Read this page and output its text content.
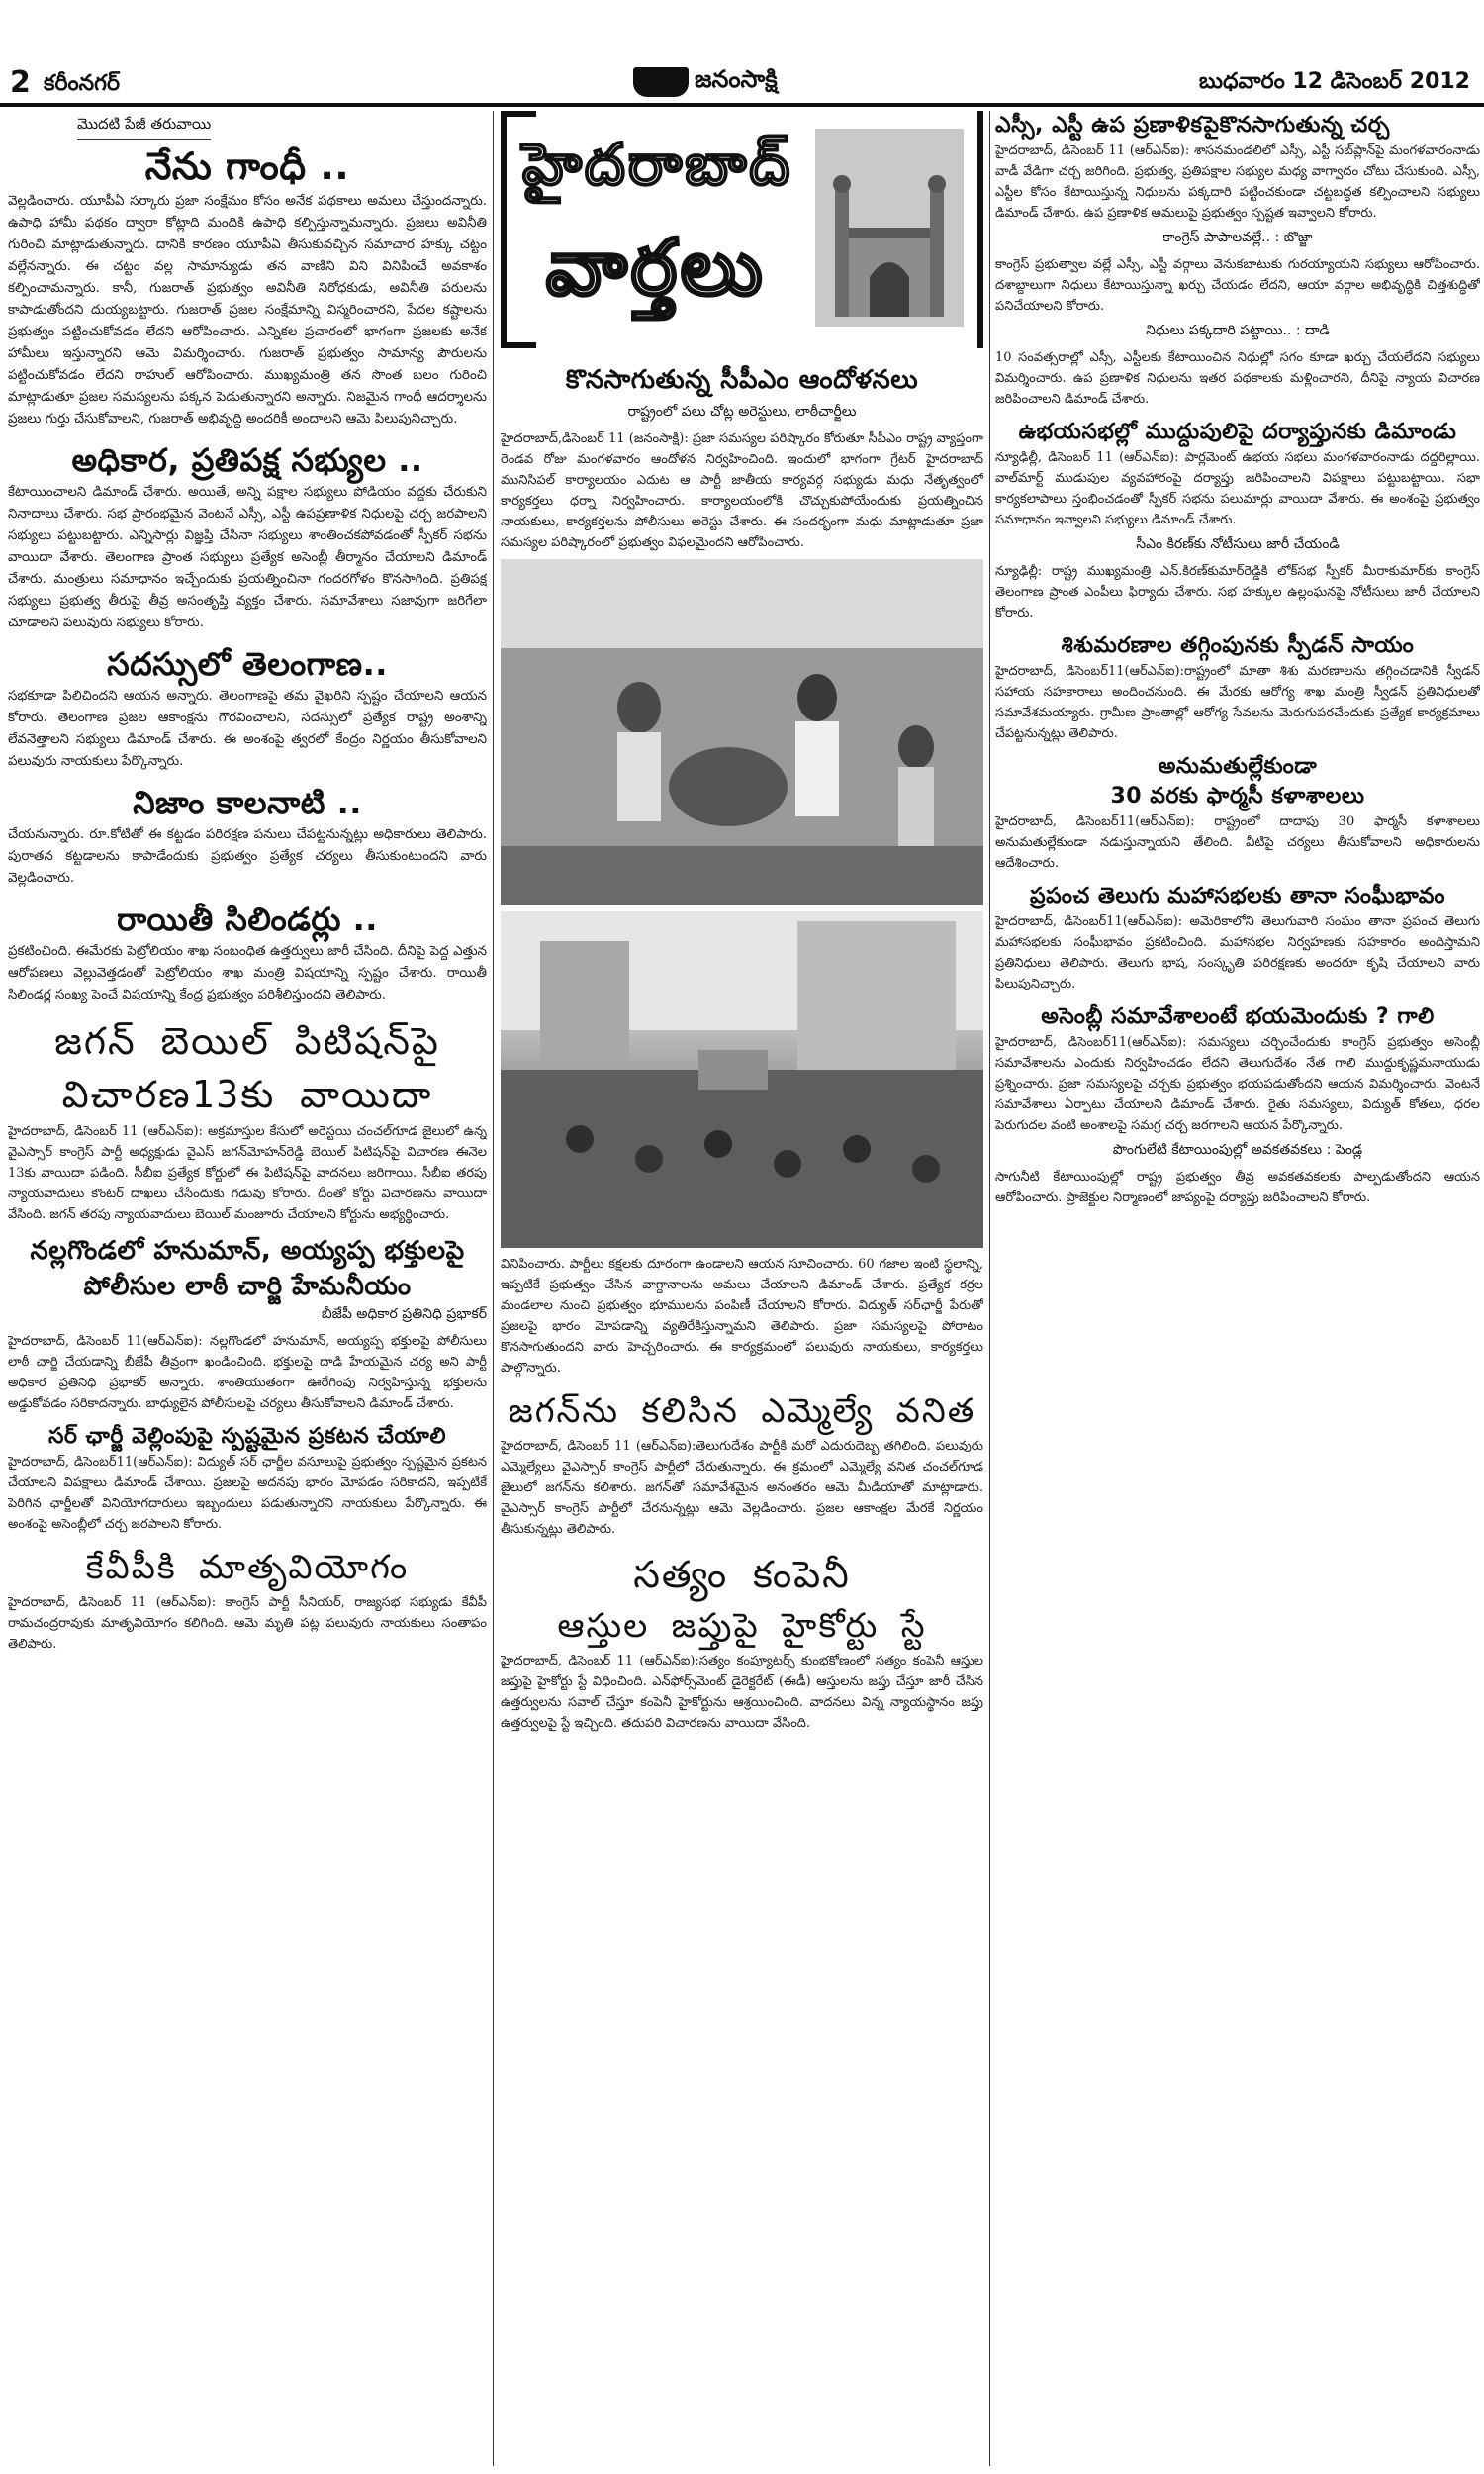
2 కరీంనగర్	జనంసాక్షి	బుధవారం 12 డిసెంబర్ 2012
మొదటి పేజీ తరువాయి
నేను గాంధీ ..

వెల్లడించారు. యూపీఏ సర్కారు ప్రజా సంక్షేమం కోసం అనేక పథకాలు అమలు చేస్తుందన్నారు. ఉపాధి హామీ పథకం ద్వారా కోట్లాది మందికి ఉపాధి కల్పిస్తున్నామన్నారు. ప్రజలు అవినీతి గురించి మాట్లాడుతున్నారు. దానికి కారణం యూపీఏ తీసుకువచ్చిన సమాచార హక్కు చట్టం వల్లేనన్నారు. ఈ చట్టం వల్ల సామాన్యుడు తన వాణిని విని వినిపించే అవకాశం కల్పించామన్నారు. కానీ, గుజరాత్ ప్రభుత్వం అవినీతి నిరోధకుడు, అవినీతి పరులను కాపాడుతోందని దుయ్యబట్టారు. గుజరాత్ ప్రజల సంక్షేమాన్ని విస్మరించారని, పేదల కష్టాలను ప్రభుత్వం పట్టించుకోవడం లేదని ఆరోపించారు. ఎన్నికల ప్రచారంలో భాగంగా ప్రజలకు అనేక హామీలు ఇస్తున్నారని ఆమె విమర్శించారు. గుజరాత్ ప్రభుత్వం సామాన్య పౌరులను పట్టించుకోవడం లేదని రాహుల్ ఆరోపించారు. ముఖ్యమంత్రి తన సొంత బలం గురించి మాట్లాడుతూ ప్రజల సమస్యలను పక్కన పెడుతున్నారని అన్నారు. నిజమైన గాంధీ ఆదర్శాలను ప్రజలు గుర్తు చేసుకోవాలని, గుజరాత్ అభివృద్ధి అందరికీ అందాలని ఆమె పిలుపునిచ్చారు.

అధికార, ప్రతిపక్ష సభ్యుల ..

కేటాయించాలని డిమాండ్ చేశారు. అయితే, అన్ని పక్షాల సభ్యులు పోడియం వద్దకు చేరుకుని నినాదాలు చేశారు. సభ ప్రారంభమైన వెంటనే ఎస్సీ, ఎస్టీ ఉపప్రణాళిక నిధులపై చర్చ జరపాలని సభ్యులు పట్టుబట్టారు. ఎన్నిసార్లు విజ్ఞప్తి చేసినా సభ్యులు శాంతించకపోవడంతో స్పీకర్ సభను వాయిదా వేశారు. తెలంగాణ ప్రాంత సభ్యులు ప్రత్యేక అసెంబ్లీ తీర్మానం చేయాలని డిమాండ్ చేశారు. మంత్రులు సమాధానం ఇచ్చేందుకు ప్రయత్నించినా గందరగోళం కొనసాగింది. ప్రతిపక్ష సభ్యులు ప్రభుత్వ తీరుపై తీవ్ర అసంతృప్తి వ్యక్తం చేశారు. సమావేశాలు సజావుగా జరిగేలా చూడాలని పలువురు సభ్యులు కోరారు.

సదస్సులో తెలంగాణ..

సభకూడా పిలిచిందని ఆయన అన్నారు. తెలంగాణపై తమ వైఖరిని స్పష్టం చేయాలని ఆయన కోరారు. తెలంగాణ ప్రజల ఆకాంక్షను గౌరవించాలని, సదస్సులో ప్రత్యేక రాష్ట్ర అంశాన్ని లేవనెత్తాలని సభ్యులు డిమాండ్ చేశారు. ఈ అంశంపై త్వరలో కేంద్రం నిర్ణయం తీసుకోవాలని పలువురు నాయకులు పేర్కొన్నారు.

నిజాం కాలనాటి ..

చేయనున్నారు. రూ.కోటితో ఈ కట్టడం పరిరక్షణ పనులు చేపట్టనున్నట్లు అధికారులు తెలిపారు. పురాతన కట్టడాలను కాపాడేందుకు ప్రభుత్వం ప్రత్యేక చర్యలు తీసుకుంటుందని వారు వెల్లడించారు.

రాయితీ సిలిండర్లు ..

ప్రకటించింది. ఈమేరకు పెట్రోలియం శాఖ సంబంధిత ఉత్తర్వులు జారీ చేసింది. దీనిపై పెద్ద ఎత్తున ఆరోపణలు వెల్లువెత్తడంతో పెట్రోలియం శాఖ మంత్రి విషయాన్ని స్పష్టం చేశారు. రాయితీ సిలిండర్ల సంఖ్య పెంచే విషయాన్ని కేంద్ర ప్రభుత్వం పరిశీలిస్తుందని తెలిపారు.

జగన్ బెయిల్ పిటిషన్‌పై
విచారణ13కు వాయిదా

హైదరాబాద్, డిసెంబర్ 11 (ఆర్‌ఎన్‌ఐ): అక్రమాస్తుల కేసులో అరెస్టయి చంచల్‌గూడ జైలులో ఉన్న వైఎస్సార్ కాంగ్రెస్ పార్టీ అధ్యక్షుడు వైఎస్ జగన్‌మోహన్‌రెడ్డి బెయిల్ పిటిషన్‌పై విచారణ ఈనెల 13కు వాయిదా పడింది. సీబీఐ ప్రత్యేక కోర్టులో ఈ పిటిషన్‌పై వాదనలు జరిగాయి. సీబీఐ తరపు న్యాయవాదులు కౌంటర్ దాఖలు చేసేందుకు గడువు కోరారు. దీంతో కోర్టు విచారణను వాయిదా వేసింది. జగన్ తరపు న్యాయవాదులు బెయిల్ మంజూరు చేయాలని కోర్టును అభ్యర్థించారు.

నల్లగొండలో హనుమాన్, అయ్యప్ప భక్తులపై
పోలీసుల లాఠీ చార్జి హేమనీయం
బీజేపీ అధికార ప్రతినిధి ప్రభాకర్

హైదరాబాద్, డిసెంబర్ 11(ఆర్‌ఎన్‌ఐ): నల్లగొండలో హనుమాన్, అయ్యప్ప భక్తులపై పోలీసులు లాఠీ చార్జి చేయడాన్ని బీజేపీ తీవ్రంగా ఖండించింది. భక్తులపై దాడి హేయమైన చర్య అని పార్టీ అధికార ప్రతినిధి ప్రభాకర్ అన్నారు. శాంతియుతంగా ఊరేగింపు నిర్వహిస్తున్న భక్తులను అడ్డుకోవడం సరికాదన్నారు. బాధ్యులైన పోలీసులపై చర్యలు తీసుకోవాలని డిమాండ్ చేశారు.

సర్ ఛార్జీ వెల్లింపుపై స్పష్టమైన ప్రకటన చేయాలి

హైదరాబాద్, డిసెంబర్11(ఆర్‌ఎన్‌ఐ): విద్యుత్ సర్ ఛార్జీల వసూలుపై ప్రభుత్వం స్పష్టమైన ప్రకటన చేయాలని విపక్షాలు డిమాండ్ చేశాయి. ప్రజలపై అదనపు భారం మోపడం సరికాదని, ఇప్పటికే పెరిగిన ఛార్జీలతో వినియోగదారులు ఇబ్బందులు పడుతున్నారని నాయకులు పేర్కొన్నారు. ఈ అంశంపై అసెంబ్లీలో చర్చ జరపాలని కోరారు.

కేవీపీకి మాతృవియోగం

హైదరాబాద్, డిసెంబర్ 11 (ఆర్‌ఎన్‌ఐ): కాంగ్రెస్ పార్టీ సీనియర్, రాజ్యసభ సభ్యుడు కేవీపీ రామచంద్రరావుకు మాతృవియోగం కలిగింది. ఆమె మృతి పట్ల పలువురు నాయకులు సంతాపం తెలిపారు.

హైదరాబాద్
వార్తలు
కొనసాగుతున్న సీపీఎం ఆందోళనలు
రాష్ట్రంలో పలు చోట్ల అరెస్టులు, లాఠీచార్జీలు

హైదరాబాద్,డిసెంబర్ 11 (జనంసాక్షి): ప్రజా సమస్యల పరిష్కారం కోరుతూ సీపీఎం రాష్ట్ర వ్యాప్తంగా రెండవ రోజు మంగళవారం ఆందోళన నిర్వహించింది. ఇందులో భాగంగా గ్రేటర్ హైదరాబాద్ మునిసిపల్ కార్యాలయం ఎదుట ఆ పార్టీ జాతీయ కార్యవర్గ సభ్యుడు మధు నేతృత్వంలో కార్యకర్తలు ధర్నా నిర్వహించారు. కార్యాలయంలోకి చొచ్చుకుపోయేందుకు ప్రయత్నించిన నాయకులు, కార్యకర్తలను పోలీసులు అరెస్టు చేశారు. ఈ సందర్భంగా మధు మాట్లాడుతూ ప్రజా సమస్యల పరిష్కారంలో ప్రభుత్వం విఫలమైందని ఆరోపించారు.

వినిపించారు. పార్టీలు కక్షలకు దూరంగా ఉండాలని ఆయన సూచించారు. 60 గజాల ఇంటి స్థలాన్ని, ఇప్పటికే ప్రభుత్వం చేసిన వాగ్దానాలను అమలు చేయాలని డిమాండ్ చేశారు. ప్రత్యేక కర్రల మండలాల నుంచి ప్రభుత్వం భూములను పంపిణీ చేయాలని కోరారు. విద్యుత్ సర్‌ఛార్జీ పేరుతో ప్రజలపై భారం మోపడాన్ని వ్యతిరేకిస్తున్నామని తెలిపారు. ప్రజా సమస్యలపై పోరాటం కొనసాగుతుందని వారు హెచ్చరించారు. ఈ కార్యక్రమంలో పలువురు నాయకులు, కార్యకర్తలు పాల్గొన్నారు.

జగన్‌ను కలిసిన ఎమ్మెల్యే వనిత

హైదరాబాద్, డిసెంబర్ 11 (ఆర్‌ఎన్‌ఐ):తెలుగుదేశం పార్టీకి మరో ఎదురుదెబ్బ తగిలింది. పలువురు ఎమ్మెల్యేలు వైఎస్సార్ కాంగ్రెస్ పార్టీలో చేరుతున్నారు. ఈ క్రమంలో ఎమ్మెల్యే వనిత చంచల్‌గూడ జైలులో జగన్‌ను కలిశారు. జగన్‌తో సమావేశమైన అనంతరం ఆమె మీడియాతో మాట్లాడారు. వైఎస్సార్ కాంగ్రెస్ పార్టీలో చేరనున్నట్లు ఆమె వెల్లడించారు. ప్రజల ఆకాంక్షల మేరకే నిర్ణయం తీసుకున్నట్లు తెలిపారు.

సత్యం కంపెనీ
ఆస్తుల జప్తుపై హైకోర్టు స్టే

హైదరాబాద్, డిసెంబర్ 11 (ఆర్‌ఎన్‌ఐ):సత్యం కంప్యూటర్స్ కుంభకోణంలో సత్యం కంపెనీ ఆస్తుల జప్తుపై హైకోర్టు స్టే విధించింది. ఎన్‌ఫోర్స్‌మెంట్ డైరెక్టరేట్ (ఈడీ) ఆస్తులను జప్తు చేస్తూ జారీ చేసిన ఉత్తర్వులను సవాల్ చేస్తూ కంపెనీ హైకోర్టును ఆశ్రయించింది. వాదనలు విన్న న్యాయస్థానం జప్తు ఉత్తర్వులపై స్టే ఇచ్చింది. తదుపరి విచారణను వాయిదా వేసింది.

ఎస్సీ, ఎస్టీ ఉప ప్రణాళికపైకొనసాగుతున్న చర్చ

హైదరాబాద్, డిసెంబర్ 11 (ఆర్‌ఎన్‌ఐ): శాసనమండలిలో ఎస్సీ, ఎస్టీ సబ్‌ప్లాన్‌పై మంగళవారంనాడు వాడీ వేడిగా చర్చ జరిగింది. ప్రభుత్వ, ప్రతిపక్షాల సభ్యుల మధ్య వాగ్వాదం చోటు చేసుకుంది. ఎస్సీ, ఎస్టీల కోసం కేటాయిస్తున్న నిధులను పక్కదారి పట్టించకుండా చట్టబద్ధత కల్పించాలని సభ్యులు డిమాండ్ చేశారు. ఉప ప్రణాళిక అమలుపై ప్రభుత్వం స్పష్టత ఇవ్వాలని కోరారు.

కాంగ్రెస్ పాపాలవల్లే.. : బొజ్జా

కాంగ్రెస్ ప్రభుత్వాల వల్లే ఎస్సీ, ఎస్టీ వర్గాలు వెనుకబాటుకు గురయ్యాయని సభ్యులు ఆరోపించారు. దశాబ్దాలుగా నిధులు కేటాయిస్తున్నా ఖర్చు చేయడం లేదని, ఆయా వర్గాల అభివృద్ధికి చిత్తశుద్ధితో పనిచేయాలని కోరారు.

నిధులు పక్కదారి పట్టాయి.. : దాడి

10 సంవత్సరాల్లో ఎస్సీ, ఎస్టీలకు కేటాయించిన నిధుల్లో సగం కూడా ఖర్చు చేయలేదని సభ్యులు విమర్శించారు. ఉప ప్రణాళిక నిధులను ఇతర పథకాలకు మళ్లించారని, దీనిపై న్యాయ విచారణ జరిపించాలని డిమాండ్ చేశారు.

ఉభయసభల్లో ముద్దుపులిపై దర్యాప్తునకు డిమాండు

న్యూఢిల్లీ, డిసెంబర్ 11 (ఆర్‌ఎన్‌ఐ): పార్లమెంట్ ఉభయ సభలు మంగళవారంనాడు దద్దరిల్లాయి. వాల్‌మార్ట్ ముడుపుల వ్యవహారంపై దర్యాప్తు జరిపించాలని విపక్షాలు పట్టుబట్టాయి. సభా కార్యకలాపాలు స్తంభించడంతో స్పీకర్ సభను పలుమార్లు వాయిదా వేశారు. ఈ అంశంపై ప్రభుత్వం సమాధానం ఇవ్వాలని సభ్యులు డిమాండ్ చేశారు.

సీఎం కిరణ్‌కు నోటీసులు జారీ చేయండి

న్యూఢిల్లీ: రాష్ట్ర ముఖ్యమంత్రి ఎన్.కిరణ్‌కుమార్‌రెడ్డికి లోక్‌సభ స్పీకర్ మీరాకుమార్‌కు కాంగ్రెస్ తెలంగాణ ప్రాంత ఎంపీలు ఫిర్యాదు చేశారు. సభ హక్కుల ఉల్లంఘనపై నోటీసులు జారీ చేయాలని కోరారు.

శిశుమరణాల తగ్గింపునకు స్పీడన్ సాయం

హైదరాబాద్, డిసెంబర్11(ఆర్‌ఎన్‌ఐ):రాష్ట్రంలో మాతా శిశు మరణాలను తగ్గించడానికి స్వీడన్ సహాయ సహకారాలు అందించనుంది. ఈ మేరకు ఆరోగ్య శాఖ మంత్రి స్వీడన్ ప్రతినిధులతో సమావేశమయ్యారు. గ్రామీణ ప్రాంతాల్లో ఆరోగ్య సేవలను మెరుగుపరచేందుకు ప్రత్యేక కార్యక్రమాలు చేపట్టనున్నట్లు తెలిపారు.

అనుమతుల్లేకుండా
30 వరకు ఫార్మసీ కళాశాలలు

హైదరాబాద్, డిసెంబర్11(ఆర్‌ఎన్‌ఐ): రాష్ట్రంలో దాదాపు 30 ఫార్మసీ కళాశాలలు అనుమతుల్లేకుండా నడుస్తున్నాయని తేలింది. వీటిపై చర్యలు తీసుకోవాలని అధికారులను ఆదేశించారు.

ప్రపంచ తెలుగు మహాసభలకు తానా సంఘీభావం

హైదరాబాద్, డిసెంబర్11(ఆర్‌ఎన్‌ఐ): అమెరికాలోని తెలుగువారి సంఘం తానా ప్రపంచ తెలుగు మహాసభలకు సంఘీభావం ప్రకటించింది. మహాసభల నిర్వహణకు సహకారం అందిస్తామని ప్రతినిధులు తెలిపారు. తెలుగు భాష, సంస్కృతి పరిరక్షణకు అందరూ కృషి చేయాలని వారు పిలుపునిచ్చారు.

అసెంబ్లీ సమావేశాలంటే భయమెందుకు ? గాలి

హైదరాబాద్, డిసెంబర్11(ఆర్‌ఎన్‌ఐ): సమస్యలు చర్చించేందుకు కాంగ్రెస్ ప్రభుత్వం అసెంబ్లీ సమావేశాలను ఎందుకు నిర్వహించడం లేదని తెలుగుదేశం నేత గాలి ముద్దుకృష్ణమనాయుడు ప్రశ్నించారు. ప్రజా సమస్యలపై చర్చకు ప్రభుత్వం భయపడుతోందని ఆయన విమర్శించారు. వెంటనే సమావేశాలు ఏర్పాటు చేయాలని డిమాండ్ చేశారు. రైతు సమస్యలు, విద్యుత్ కోతలు, ధరల పెరుగుదల వంటి అంశాలపై సమగ్ర చర్చ జరగాలని ఆయన పేర్కొన్నారు.

పొంగులేటి కేటాయింపుల్లో అవకతవకలు : పెండ్ల

సాగునీటి కేటాయింపుల్లో రాష్ట్ర ప్రభుత్వం తీవ్ర అవకతవకలకు పాల్పడుతోందని ఆయన ఆరోపించారు. ప్రాజెక్టుల నిర్మాణంలో జాప్యంపై దర్యాప్తు జరిపించాలని కోరారు.
